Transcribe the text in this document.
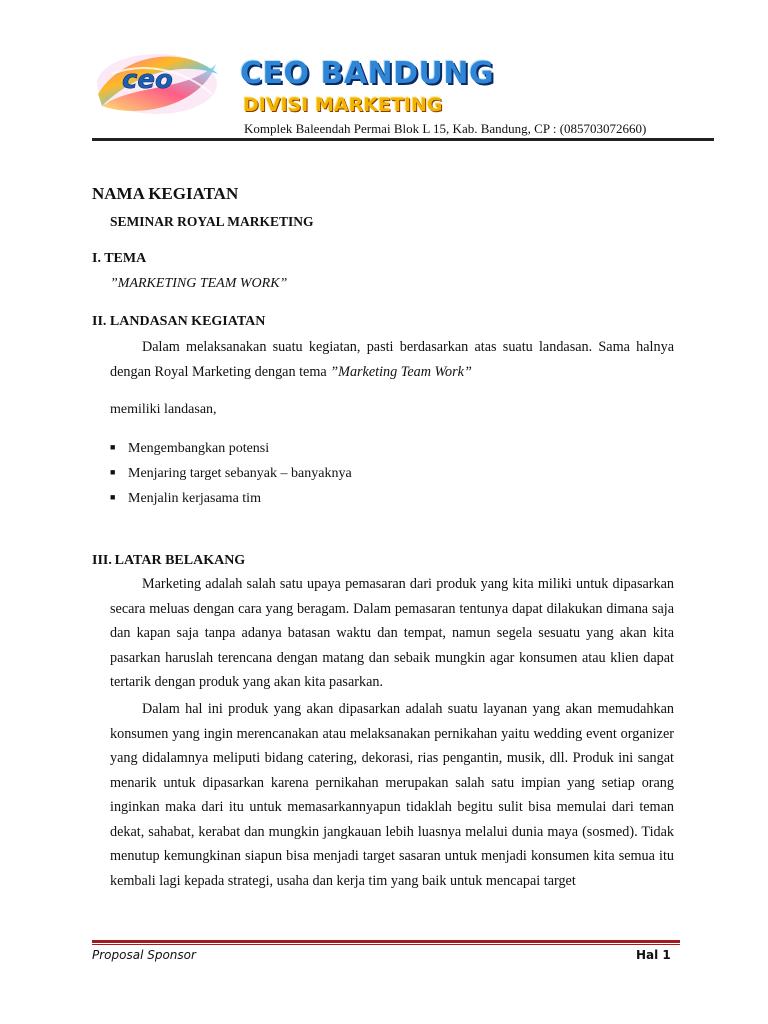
ceo CEO BANDUNG
DIVISI MARKETING
Komplek Baleendah Permai Blok L 15, Kab. Bandung, CP : (085703072660)
NAMA KEGIATAN
SEMINAR ROYAL MARKETING
I. TEMA
”MARKETING TEAM WORK”
II. LANDASAN KEGIATAN
Dalam melaksanakan suatu kegiatan, pasti berdasarkan atas suatu landasan. Sama halnya dengan Royal Marketing dengan tema ”Marketing Team Work”
memiliki landasan,
■ Mengembangkan potensi
■ Menjaring target sebanyak – banyaknya
■ Menjalin kerjasama tim
III. LATAR BELAKANG
Marketing adalah salah satu upaya pemasaran dari produk yang kita miliki untuk dipasarkan secara meluas dengan cara yang beragam. Dalam pemasaran tentunya dapat dilakukan dimana saja dan kapan saja tanpa adanya batasan waktu dan tempat, namun segela sesuatu yang akan kita pasarkan haruslah terencana dengan matang dan sebaik mungkin agar konsumen atau klien dapat tertarik dengan produk yang akan kita pasarkan.
Dalam hal ini produk yang akan dipasarkan adalah suatu layanan yang akan memudahkan konsumen yang ingin merencanakan atau melaksanakan pernikahan yaitu wedding event organizer yang didalamnya meliputi bidang catering, dekorasi, rias pengantin, musik, dll. Produk ini sangat menarik untuk dipasarkan karena pernikahan merupakan salah satu impian yang setiap orang inginkan maka dari itu untuk memasarkannyapun tidaklah begitu sulit bisa memulai dari teman dekat, sahabat, kerabat dan mungkin jangkauan lebih luasnya melalui dunia maya (sosmed). Tidak menutup kemungkinan siapun bisa menjadi target sasaran untuk menjadi konsumen kita semua itu kembali lagi kepada strategi, usaha dan kerja tim yang baik untuk mencapai target
Proposal Sponsor	Hal 1
